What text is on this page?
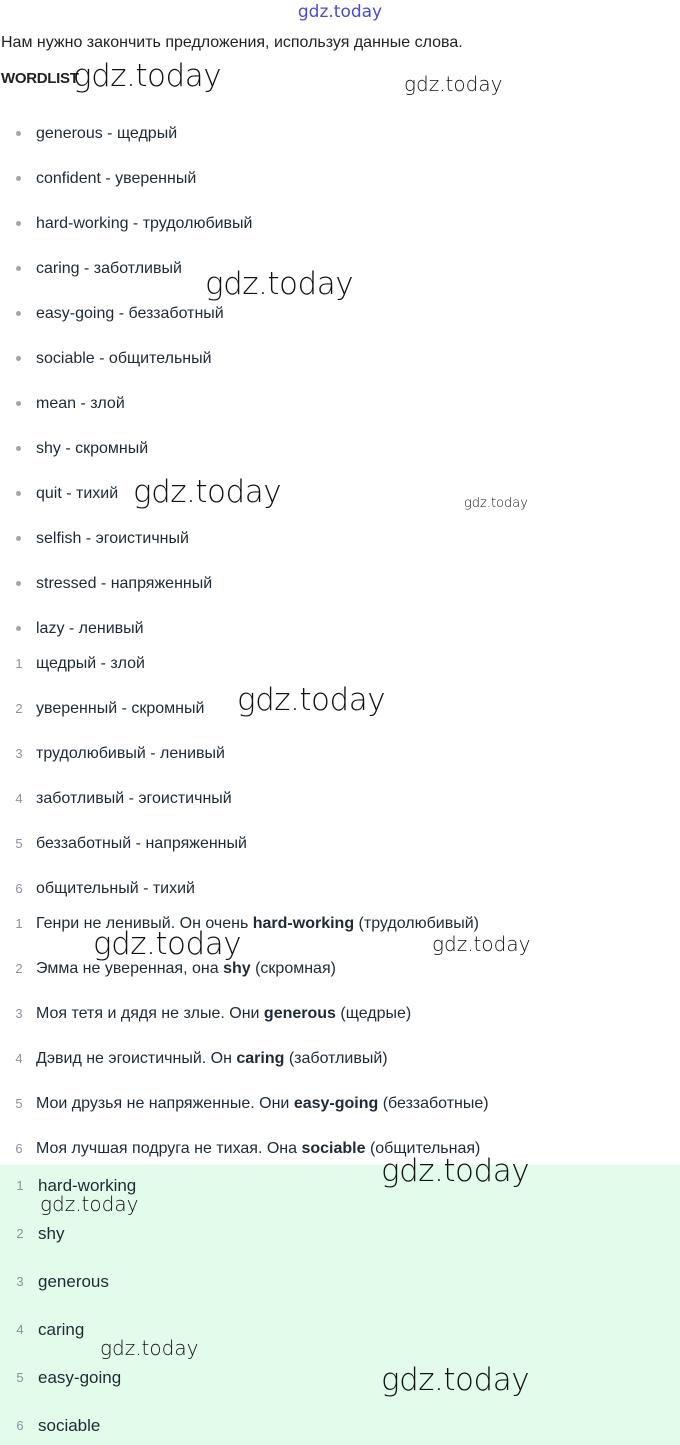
gdz.today
Нам нужно закончить предложения, используя данные слова.
WORDLIST
generous - щедрый
confident - уверенный
hard-working - трудолюбивый
caring - заботливый
easy-going - беззаботный
sociable - общительный
mean - злой
shy - скромный
quit - тихий
selfish - эгоистичный
stressed - напряженный
lazy - ленивый
1 щедрый - злой
2 уверенный - скромный
3 трудолюбивый - ленивый
4 заботливый - эгоистичный
5 беззаботный - напряженный
6 общительный - тихий
1 Генри не ленивый. Он очень hard-working (трудолюбивый)
2 Эмма не уверенная, она shy (скромная)
3 Моя тетя и дядя не злые. Они generous (щедрые)
4 Дэвид не эгоистичный. Он caring (заботливый)
5 Мои друзья не напряженные. Они easy-going (беззаботные)
6 Моя лучшая подруга не тихая. Она sociable (общительная)
1 hard-working
2 shy
3 generous
4 caring
5 easy-going
6 sociable
gdz.today	gdz.today
gdz.today
gdz.today	gdz.today
gdz.today
gdz.today	gdz.today
gdz.today
gdz.today
gdz.today
gdz.today
